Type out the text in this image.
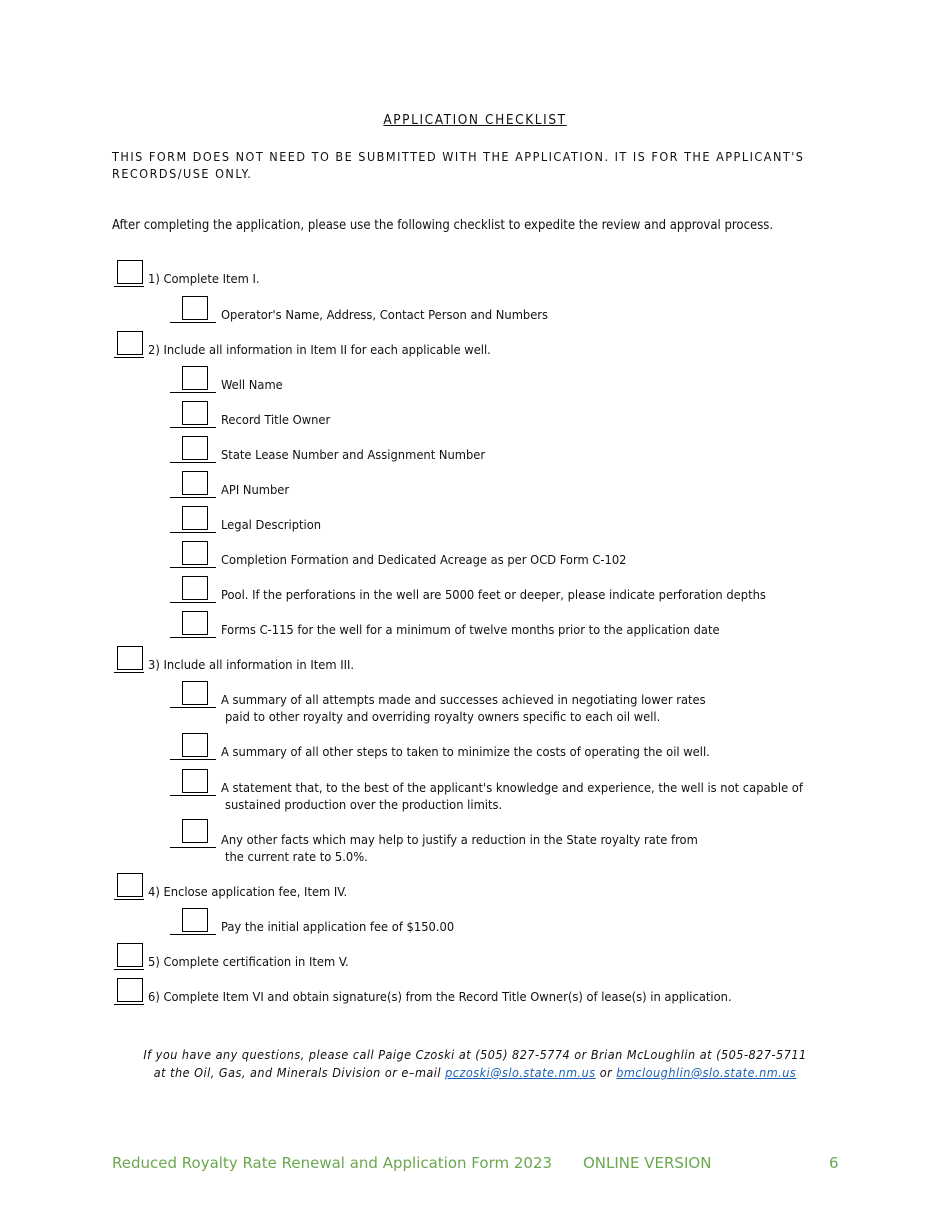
APPLICATION CHECKLIST
THIS FORM DOES NOT NEED TO BE SUBMITTED WITH THE APPLICATION. IT IS FOR THE APPLICANT'S RECORDS/USE ONLY.
After completing the application, please use the following checklist to expedite the review and approval process.
1) Complete Item I.
Operator's Name, Address, Contact Person and Numbers
2) Include all information in Item II for each applicable well.
Well Name
Record Title Owner
State Lease Number and Assignment Number
API Number
Legal Description
Completion Formation and Dedicated Acreage as per OCD Form C-102
Pool. If the perforations in the well are 5000 feet or deeper, please indicate perforation depths
Forms C-115 for the well for a minimum of twelve months prior to the application date
3) Include all information in Item III.
A summary of all attempts made and successes achieved in negotiating lower rates
paid to other royalty and overriding royalty owners specific to each oil well.
A summary of all other steps to taken to minimize the costs of operating the oil well.
A statement that, to the best of the applicant's knowledge and experience, the well is not capable of
sustained production over the production limits.
Any other facts which may help to justify a reduction in the State royalty rate from
the current rate to 5.0%.
4) Enclose application fee, Item IV.
Pay the initial application fee of $150.00
5) Complete certification in Item V.
6) Complete Item VI and obtain signature(s) from the Record Title Owner(s) of lease(s) in application.
If you have any questions, please call Paige Czoski at (505) 827-5774 or Brian McLoughlin at (505-827-5711
at the Oil, Gas, and Minerals Division or e–mail pczoski@slo.state.nm.us or bmcloughlin@slo.state.nm.us
Reduced Royalty Rate Renewal and Application Form 2023 ONLINE VERSION	6
